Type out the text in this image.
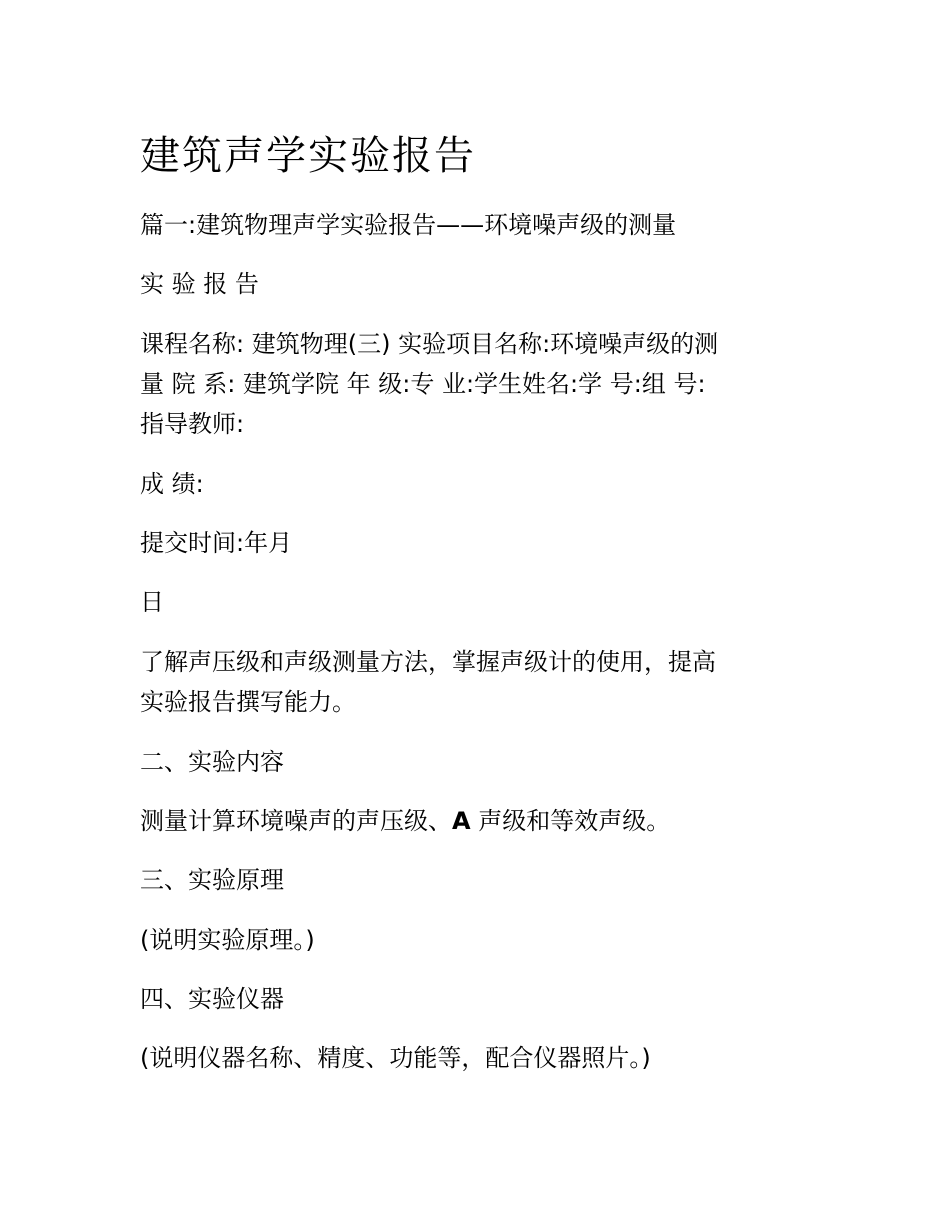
建筑声学实验报告

篇一:建筑物理声学实验报告——环境噪声级的测量

实 验 报 告

课程名称: 建筑物理(三) 实验项目名称:环境噪声级的测
量 院 系: 建筑学院 年 级:专 业:学生姓名:学 号:组 号:
指导教师:

成 绩:

提交时间:年月

日

了解声压级和声级测量方法，掌握声级计的使用，提高
实验报告撰写能力。

二、实验内容

测量计算环境噪声的声压级、A 声级和等效声级。

三、实验原理

(说明实验原理。)

四、实验仪器

(说明仪器名称、精度、功能等，配合仪器照片。)
